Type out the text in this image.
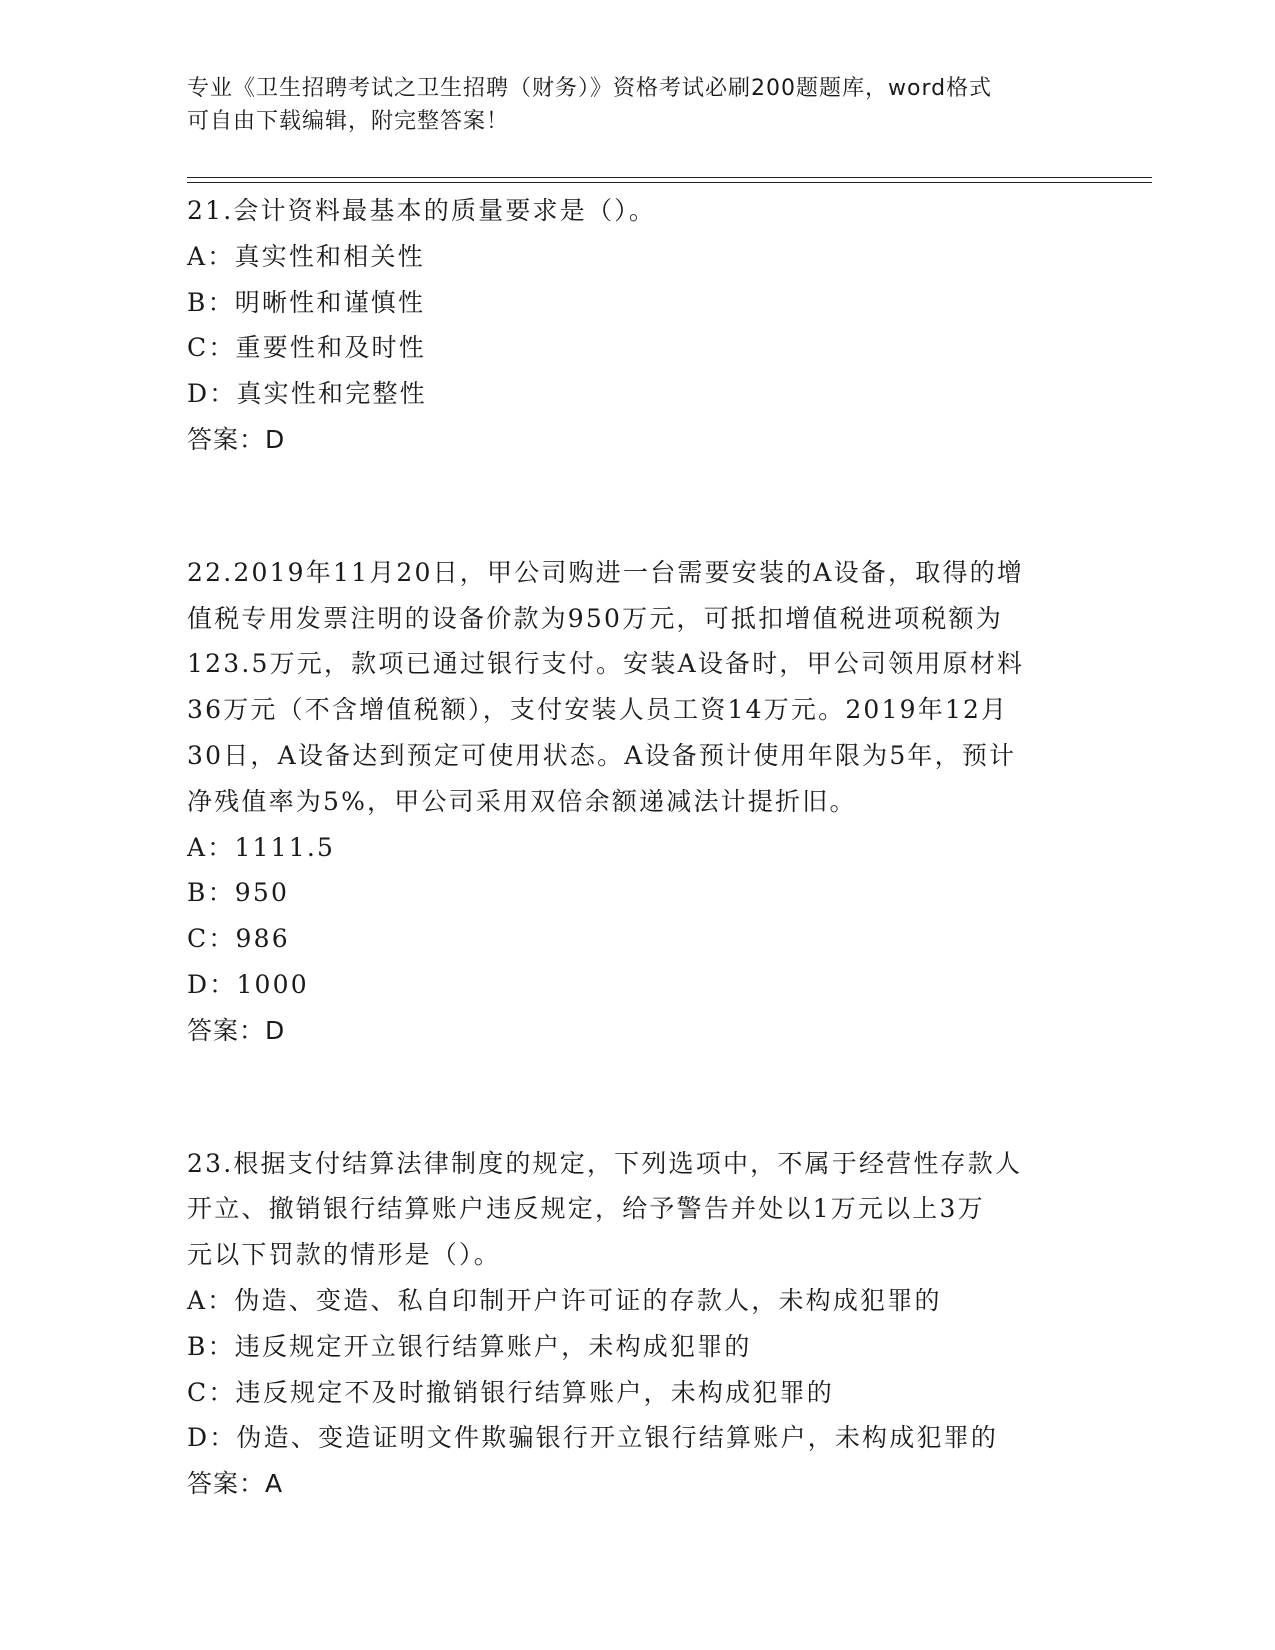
专业《卫生招聘考试之卫生招聘（财务）》资格考试必刷200题题库，word格式
可自由下载编辑，附完整答案！
21.会计资料最基本的质量要求是（）。
A：真实性和相关性
B：明晰性和谨慎性
C：重要性和及时性
D：真实性和完整性
答案：D
22.2019年11月20日，甲公司购进一台需要安装的A设备，取得的增
值税专用发票注明的设备价款为950万元，可抵扣增值税进项税额为
123.5万元，款项已通过银行支付。安装A设备时，甲公司领用原材料
36万元（不含增值税额），支付安装人员工资14万元。2019年12月
30日，A设备达到预定可使用状态。A设备预计使用年限为5年，预计
净残值率为5%，甲公司采用双倍余额递减法计提折旧。
A：1111.5
B：950
C：986
D：1000
答案：D
23.根据支付结算法律制度的规定，下列选项中，不属于经营性存款人
开立、撤销银行结算账户违反规定，给予警告并处以1万元以上3万
元以下罚款的情形是（）。
A：伪造、变造、私自印制开户许可证的存款人，未构成犯罪的
B：违反规定开立银行结算账户，未构成犯罪的
C：违反规定不及时撤销银行结算账户，未构成犯罪的
D：伪造、变造证明文件欺骗银行开立银行结算账户，未构成犯罪的
答案：A
